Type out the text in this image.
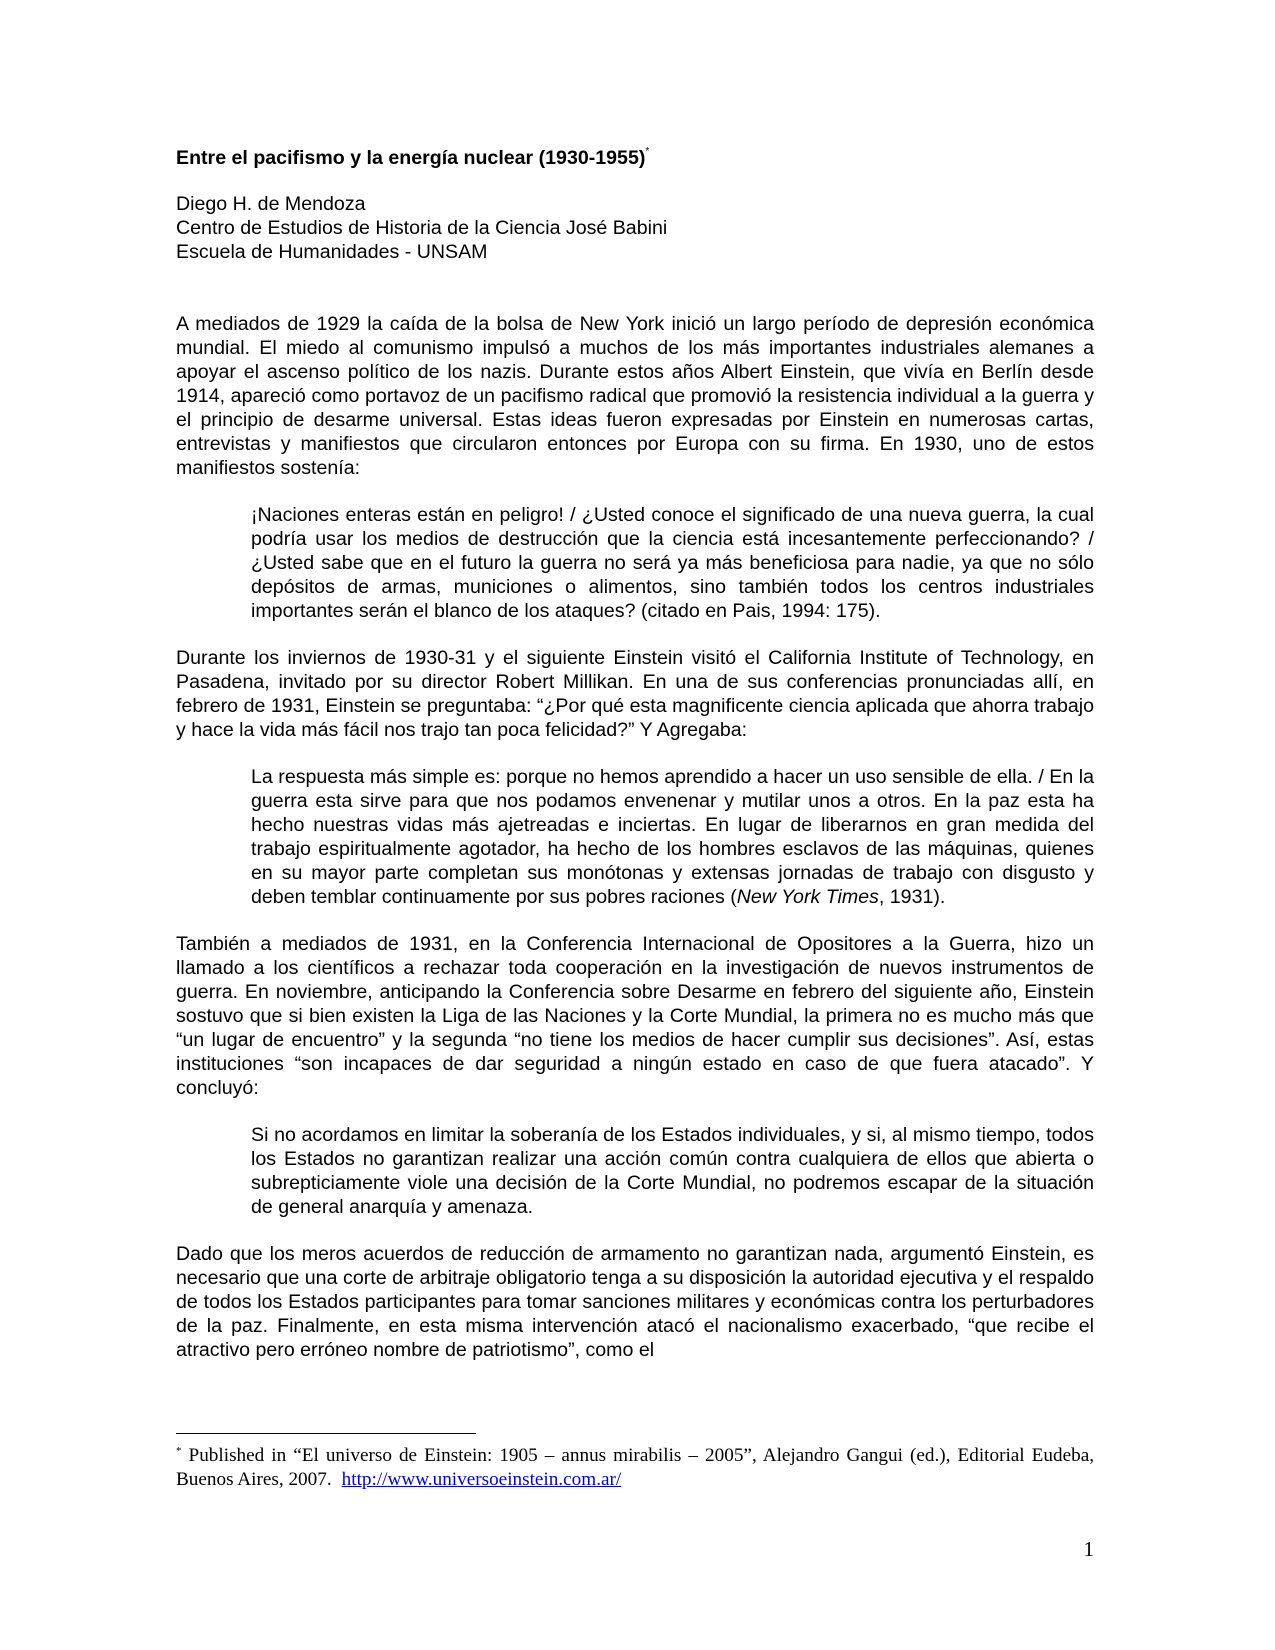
Entre el pacifismo y la energía nuclear (1930-1955)*
Diego H. de Mendoza
Centro de Estudios de Historia de la Ciencia José Babini
Escuela de Humanidades - UNSAM

A mediados de 1929 la caída de la bolsa de New York inició un largo período de depresión económica mundial. El miedo al comunismo impulsó a muchos de los más importantes industriales alemanes a apoyar el ascenso político de los nazis. Durante estos años Albert Einstein, que vivía en Berlín desde 1914, apareció como portavoz de un pacifismo radical que promovió la resistencia individual a la guerra y el principio de desarme universal. Estas ideas fueron expresadas por Einstein en numerosas cartas, entrevistas y manifiestos que circularon entonces por Europa con su firma. En 1930, uno de estos manifiestos sostenía:

¡Naciones enteras están en peligro! / ¿Usted conoce el significado de una nueva guerra, la cual podría usar los medios de destrucción que la ciencia está incesantemente perfeccionando? / ¿Usted sabe que en el futuro la guerra no será ya más beneficiosa para nadie, ya que no sólo depósitos de armas, municiones o alimentos, sino también todos los centros industriales importantes serán el blanco de los ataques? (citado en Pais, 1994: 175).

Durante los inviernos de 1930-31 y el siguiente Einstein visitó el California Institute of Technology, en Pasadena, invitado por su director Robert Millikan. En una de sus conferencias pronunciadas allí, en febrero de 1931, Einstein se preguntaba: “¿Por qué esta magnificente ciencia aplicada que ahorra trabajo y hace la vida más fácil nos trajo tan poca felicidad?” Y Agregaba:

La respuesta más simple es: porque no hemos aprendido a hacer un uso sensible de ella. / En la guerra esta sirve para que nos podamos envenenar y mutilar unos a otros. En la paz esta ha hecho nuestras vidas más ajetreadas e inciertas. En lugar de liberarnos en gran medida del trabajo espiritualmente agotador, ha hecho de los hombres esclavos de las máquinas, quienes en su mayor parte completan sus monótonas y extensas jornadas de trabajo con disgusto y deben temblar continuamente por sus pobres raciones (New York Times, 1931).

También a mediados de 1931, en la Conferencia Internacional de Opositores a la Guerra, hizo un llamado a los científicos a rechazar toda cooperación en la investigación de nuevos instrumentos de guerra. En noviembre, anticipando la Conferencia sobre Desarme en febrero del siguiente año, Einstein sostuvo que si bien existen la Liga de las Naciones y la Corte Mundial, la primera no es mucho más que “un lugar de encuentro” y la segunda “no tiene los medios de hacer cumplir sus decisiones”. Así, estas instituciones “son incapaces de dar seguridad a ningún estado en caso de que fuera atacado”. Y concluyó:

Si no acordamos en limitar la soberanía de los Estados individuales, y si, al mismo tiempo, todos los Estados no garantizan realizar una acción común contra cualquiera de ellos que abierta o subrepticiamente viole una decisión de la Corte Mundial, no podremos escapar de la situación de general anarquía y amenaza.

Dado que los meros acuerdos de reducción de armamento no garantizan nada, argumentó Einstein, es necesario que una corte de arbitraje obligatorio tenga a su disposición la autoridad ejecutiva y el respaldo de todos los Estados participantes para tomar sanciones militares y económicas contra los perturbadores de la paz. Finalmente, en esta misma intervención atacó el nacionalismo exacerbado, “que recibe el atractivo pero erróneo nombre de patriotismo”, como el

* Published in “El universo de Einstein: 1905 – annus mirabilis – 2005”, Alejandro Gangui (ed.), Editorial Eudeba, Buenos Aires, 2007. http://www.universoeinstein.com.ar/
1
